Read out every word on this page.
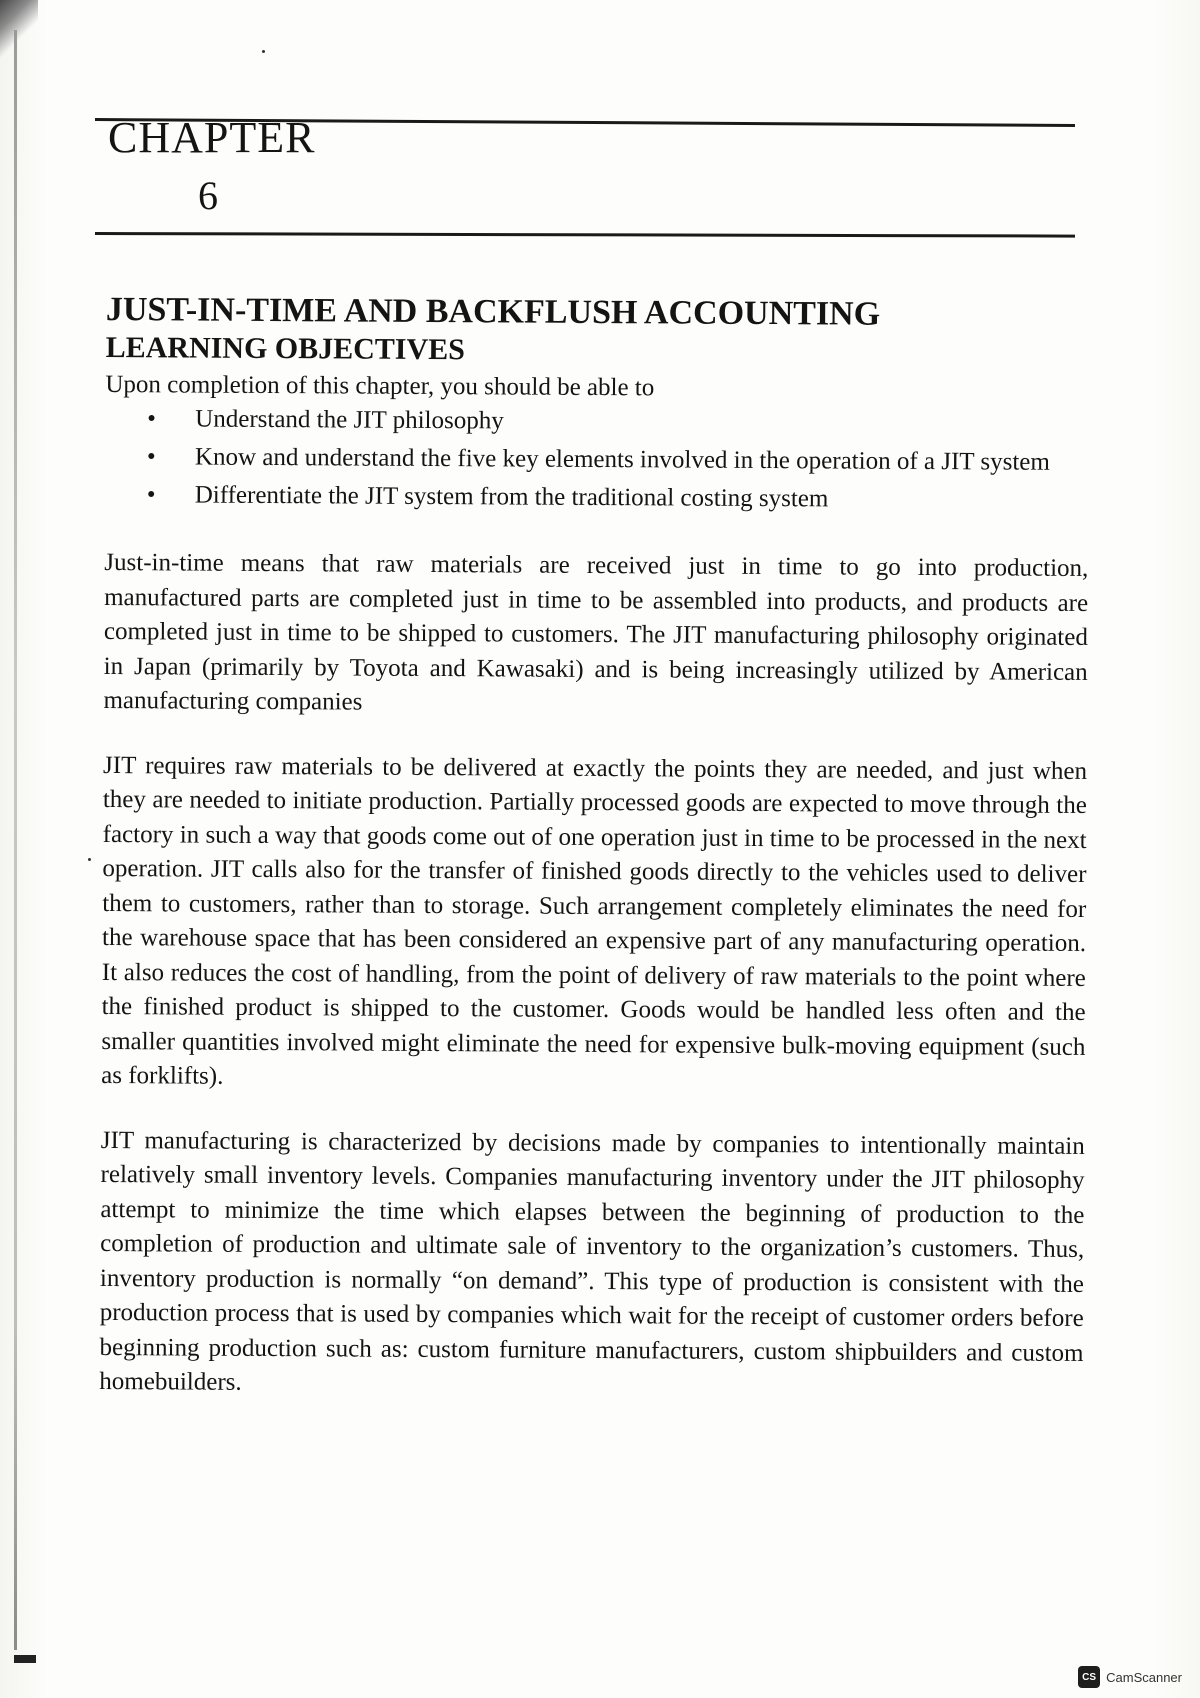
CHAPTER
6
JUST-IN-TIME AND BACKFLUSH ACCOUNTING
LEARNING OBJECTIVES

Upon completion of this chapter, you should be able to

• Understand the JIT philosophy
• Know and understand the five key elements involved in the operation of a JIT system
• Differentiate the JIT system from the traditional costing system

Just-in-time means that raw materials are received just in time to go into production, manufactured parts are completed just in time to be assembled into products, and products are completed just in time to be shipped to customers. The JIT manufacturing philosophy originated in Japan (primarily by Toyota and Kawasaki) and is being increasingly utilized by American manufacturing companies

JIT requires raw materials to be delivered at exactly the points they are needed, and just when they are needed to initiate production. Partially processed goods are expected to move through the factory in such a way that goods come out of one operation just in time to be processed in the next operation. JIT calls also for the transfer of finished goods directly to the vehicles used to deliver them to customers, rather than to storage. Such arrangement completely eliminates the need for the warehouse space that has been considered an expensive part of any manufacturing operation. It also reduces the cost of handling, from the point of delivery of raw materials to the point where the finished product is shipped to the customer. Goods would be handled less often and the smaller quantities involved might eliminate the need for expensive bulk-moving equipment (such as forklifts).

JIT manufacturing is characterized by decisions made by companies to intentionally maintain relatively small inventory levels. Companies manufacturing inventory under the JIT philosophy attempt to minimize the time which elapses between the beginning of production to the completion of production and ultimate sale of inventory to the organization’s customers. Thus, inventory production is normally “on demand”. This type of production is consistent with the production process that is used by companies which wait for the receipt of customer orders before beginning production such as: custom furniture manufacturers, custom shipbuilders and custom homebuilders.

CS CamScanner
